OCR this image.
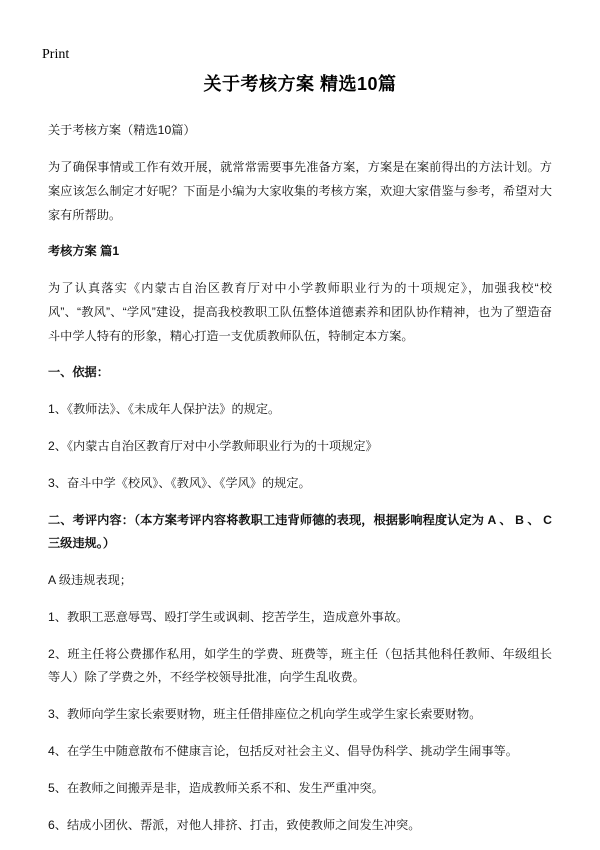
Print
关于考核方案 精选10篇

关于考核方案（精选10篇）

为了确保事情或工作有效开展，就常常需要事先准备方案，方案是在案前得出的方法计划。方案应该怎么制定才好呢？下面是小编为大家收集的考核方案，欢迎大家借鉴与参考，希望对大家有所帮助。

考核方案 篇1

为了认真落实《内蒙古自治区教育厅对中小学教师职业行为的十项规定》，加强我校“校风”、“教风”、“学风”建设，提高我校教职工队伍整体道德素养和团队协作精神，也为了塑造奋斗中学人特有的形象，精心打造一支优质教师队伍，特制定本方案。

一、依据：

1、《教师法》、《未成年人保护法》的规定。

2、《内蒙古自治区教育厅对中小学教师职业行为的十项规定》

3、奋斗中学《校风》、《教风》、《学风》的规定。

二、考评内容：（本方案考评内容将教职工违背师德的表现，根据影响程度认定为 A 、 B 、 C 三级违规。）

A 级违规表现；

1、教职工恶意辱骂、殴打学生或讽刺、挖苦学生，造成意外事故。

2、班主任将公费挪作私用，如学生的学费、班费等，班主任（包括其他科任教师、年级组长等人）除了学费之外，不经学校领导批准，向学生乱收费。

3、教师向学生家长索要财物，班主任借排座位之机向学生或学生家长索要财物。

4、在学生中随意散布不健康言论，包括反对社会主义、倡导伪科学、挑动学生闹事等。

5、在教师之间搬弄是非，造成教师关系不和、发生严重冲突。

6、结成小团伙、帮派，对他人排挤、打击，致使教师之间发生冲突。
